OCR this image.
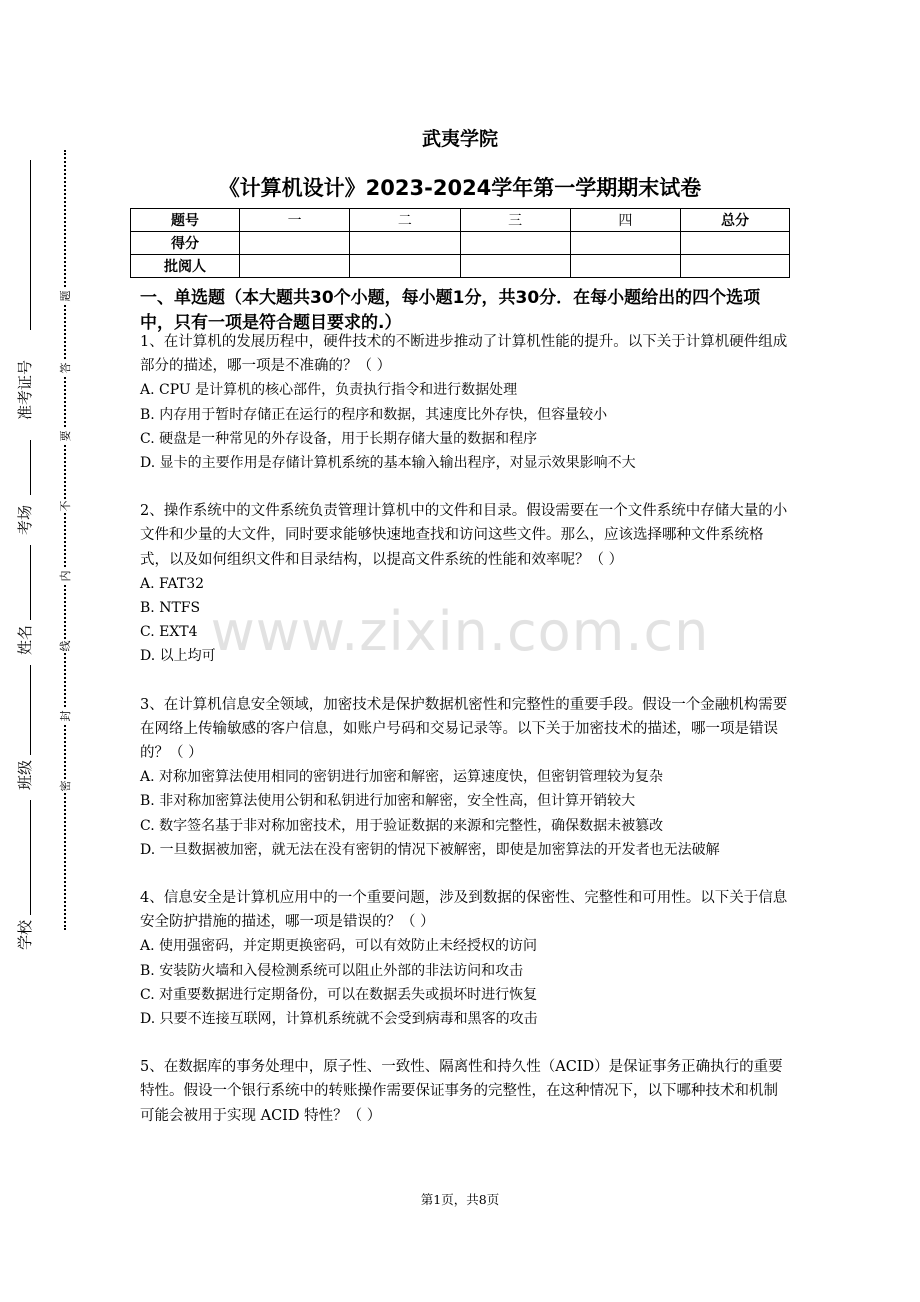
准考证号
考场
姓名
班级
学校
题
答
要
不
内
线
封
密
武夷学院
《计算机设计》2023-2024学年第一学期期末试卷
题号	一	二	三	四	总分
得分					
批阅人					
一、单选题（本大题共30个小题，每小题1分，共30分．在每小题给出的四个选项中，只有一项是符合题目要求的.）

1、在计算机的发展历程中，硬件技术的不断进步推动了计算机性能的提升。以下关于计算机硬件组成部分的描述，哪一项是不准确的？（ ）

A. CPU 是计算机的核心部件，负责执行指令和进行数据处理

B. 内存用于暂时存储正在运行的程序和数据，其速度比外存快，但容量较小

C. 硬盘是一种常见的外存设备，用于长期存储大量的数据和程序

D. 显卡的主要作用是存储计算机系统的基本输入输出程序，对显示效果影响不大

2、操作系统中的文件系统负责管理计算机中的文件和目录。假设需要在一个文件系统中存储大量的小文件和少量的大文件，同时要求能够快速地查找和访问这些文件。那么，应该选择哪种文件系统格式，以及如何组织文件和目录结构，以提高文件系统的性能和效率呢？（ ）

A. FAT32

B. NTFS

C. EXT4

D. 以上均可

3、在计算机信息安全领域，加密技术是保护数据机密性和完整性的重要手段。假设一个金融机构需要在网络上传输敏感的客户信息，如账户号码和交易记录等。以下关于加密技术的描述，哪一项是错误的？（ ）

A. 对称加密算法使用相同的密钥进行加密和解密，运算速度快，但密钥管理较为复杂

B. 非对称加密算法使用公钥和私钥进行加密和解密，安全性高，但计算开销较大

C. 数字签名基于非对称加密技术，用于验证数据的来源和完整性，确保数据未被篡改

D. 一旦数据被加密，就无法在没有密钥的情况下被解密，即使是加密算法的开发者也无法破解

4、信息安全是计算机应用中的一个重要问题，涉及到数据的保密性、完整性和可用性。以下关于信息安全防护措施的描述，哪一项是错误的？（ ）

A. 使用强密码，并定期更换密码，可以有效防止未经授权的访问

B. 安装防火墙和入侵检测系统可以阻止外部的非法访问和攻击

C. 对重要数据进行定期备份，可以在数据丢失或损坏时进行恢复

D. 只要不连接互联网，计算机系统就不会受到病毒和黑客的攻击

5、在数据库的事务处理中，原子性、一致性、隔离性和持久性（ACID）是保证事务正确执行的重要特性。假设一个银行系统中的转账操作需要保证事务的完整性，在这种情况下，以下哪种技术和机制可能会被用于实现 ACID 特性？（ ）

www.zixin.com.cn
第1页，共8页
